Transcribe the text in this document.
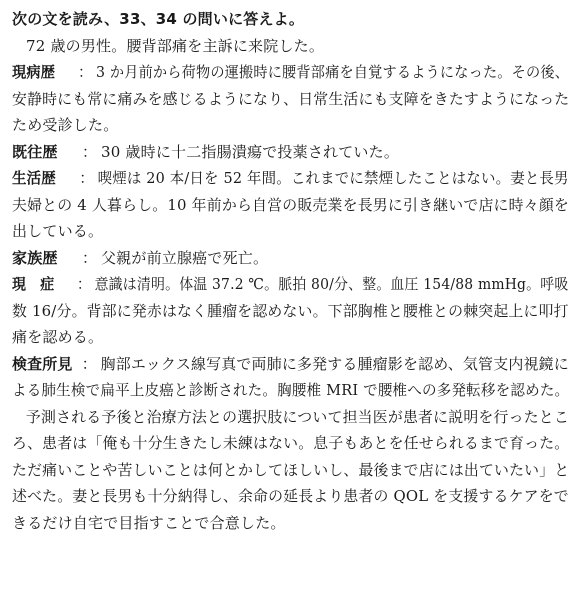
次の文を読み、33、34 の問いに答えよ。
72 歳の男性。腰背部痛を主訴に来院した。
現病歴 ： 3 か月前から荷物の運搬時に腰背部痛を自覚するようになった。その後、
安静時にも常に痛みを感じるようになり、日常生活にも支障をきたすようになった
ため受診した。
既往歴 ： 30 歳時に十二指腸潰瘍で投薬されていた。
生活歴 ： 喫煙は 20 本/日を 52 年間。これまでに禁煙したことはない。妻と長男
夫婦との 4 人暮らし。10 年前から自営の販売業を長男に引き継いで店に時々顔を
出している。
家族歴 ： 父親が前立腺癌で死亡。
現　症 ： 意識は清明。体温 37.2 ℃。脈拍 80/分、整。血圧 154/88 mmHg。呼吸
数 16/分。背部に発赤はなく腫瘤を認めない。下部胸椎と腰椎との棘突起上に叩打
痛を認める。
検査所見 ： 胸部エックス線写真で両肺に多発する腫瘤影を認め、気管支内視鏡に
よる肺生検で扁平上皮癌と診断された。胸腰椎 MRI で腰椎への多発転移を認めた。
予測される予後と治療方法との選択肢について担当医が患者に説明を行ったとこ
ろ、患者は「俺も十分生きたし未練はない。息子もあとを任せられるまで育った。
ただ痛いことや苦しいことは何とかしてほしいし、最後まで店には出ていたい」と
述べた。妻と長男も十分納得し、余命の延長より患者の QOL を支援するケアをで
きるだけ自宅で目指すことで合意した。
